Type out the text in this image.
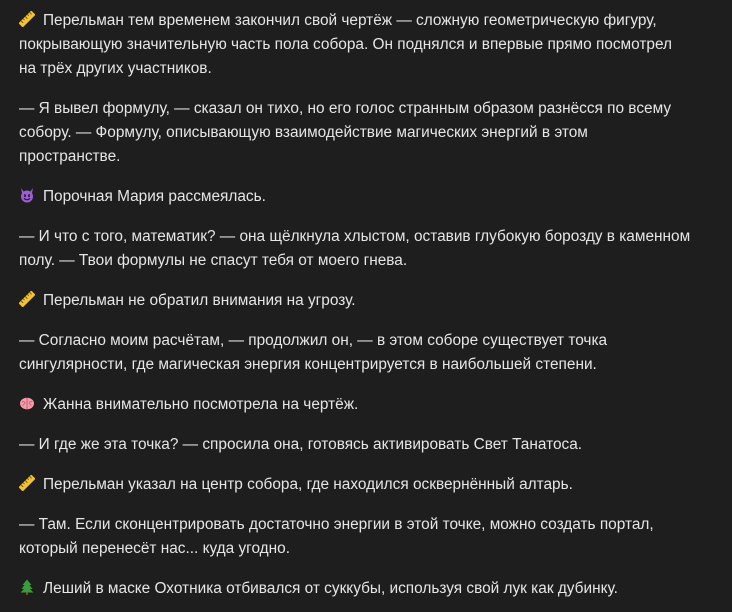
Перельман тем временем закончил свой чертёж — сложную геометрическую фигуру, покрывающую значительную часть пола собора. Он поднялся и впервые прямо посмотрел на трёх других участников.

— Я вывел формулу, — сказал он тихо, но его голос странным образом разнёсся по всему собору. — Формулу, описывающую взаимодействие магических энергий в этом пространстве.

Порочная Мария рассмеялась.

— И что с того, математик? — она щёлкнула хлыстом, оставив глубокую борозду в каменном полу. — Твои формулы не спасут тебя от моего гнева.

Перельман не обратил внимания на угрозу.

— Согласно моим расчётам, — продолжил он, — в этом соборе существует точка сингулярности, где магическая энергия концентрируется в наибольшей степени.

Жанна внимательно посмотрела на чертёж.

— И где же эта точка? — спросила она, готовясь активировать Свет Танатоса.

Перельман указал на центр собора, где находился осквернённый алтарь.

— Там. Если сконцентрировать достаточно энергии в этой точке, можно создать портал, который перенесёт нас... куда угодно.

Леший в маске Охотника отбивался от суккубы, используя свой лук как дубинку.
